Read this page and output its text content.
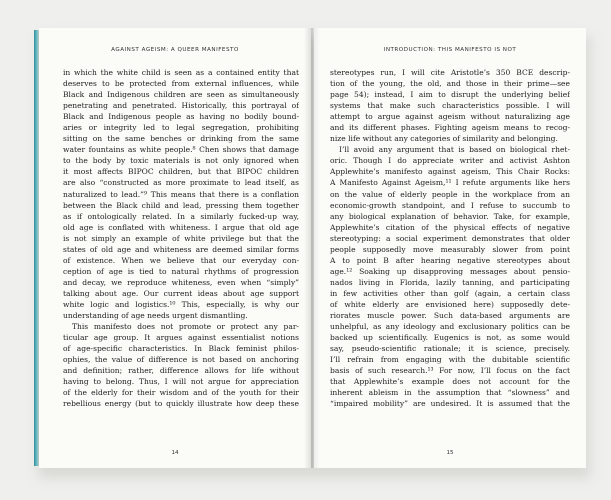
AGAINST AGEISM: A QUEER MANIFESTO
in which the white child is seen as a contained entity that
deserves to be protected from external influences, while
Black and Indigenous children are seen as simultaneously
penetrating and penetrated. Historically, this portrayal of
Black and Indigenous people as having no bodily bound-
aries or integrity led to legal segregation, prohibiting
sitting on the same benches or drinking from the same
water fountains as white people.⁸ Chen shows that damage
to the body by toxic materials is not only ignored when
it most affects BIPOC children, but that BIPOC children
are also “constructed as more proximate to lead itself, as
naturalized to lead.”⁹ This means that there is a conflation
between the Black child and lead, pressing them together
as if ontologically related. In a similarly fucked-up way,
old age is conflated with whiteness. I argue that old age
is not simply an example of white privilege but that the
states of old age and whiteness are deemed similar forms
of existence. When we believe that our everyday con-
ception of age is tied to natural rhythms of progression
and decay, we reproduce whiteness, even when “simply”
talking about age. Our current ideas about age support
white logic and logistics.¹⁰ This, especially, is why our
understanding of age needs urgent dismantling.
This manifesto does not promote or protect any par-
ticular age group. It argues against essentialist notions
of age-specific characteristics. In Black feminist philos-
ophies, the value of difference is not based on anchoring
and definition; rather, difference allows for life without
having to belong. Thus, I will not argue for appreciation
of the elderly for their wisdom and of the youth for their
rebellious energy (but to quickly illustrate how deep these
14
INTRODUCTION: THIS MANIFESTO IS NOT
stereotypes run, I will cite Aristotle’s 350 BCE descrip-
tion of the young, the old, and those in their prime—see
page 54); instead, I aim to disrupt the underlying belief
systems that make such characteristics possible. I will
attempt to argue against ageism without naturalizing age
and its different phases. Fighting ageism means to recog-
nize life without any categories of similarity and belonging.
I’ll avoid any argument that is based on biological rhet-
oric. Though I do appreciate writer and activist Ashton
Applewhite’s manifesto against ageism, This Chair Rocks:
A Manifesto Against Ageism,¹¹ I refute arguments like hers
on the value of elderly people in the workplace from an
economic-growth standpoint, and I refuse to succumb to
any biological explanation of behavior. Take, for example,
Applewhite’s citation of the physical effects of negative
stereotyping: a social experiment demonstrates that older
people supposedly move measurably slower from point
A to point B after hearing negative stereotypes about
age.¹² Soaking up disapproving messages about pensio-
nados living in Florida, lazily tanning, and participating
in few activities other than golf (again, a certain class
of white elderly are envisioned here) supposedly dete-
riorates muscle power. Such data-based arguments are
unhelpful, as any ideology and exclusionary politics can be
backed up scientifically. Eugenics is not, as some would
say, pseudo-scientific rationale; it is science, precisely.
I’ll refrain from engaging with the dubitable scientific
basis of such research.¹³ For now, I’ll focus on the fact
that Applewhite’s example does not account for the
inherent ableism in the assumption that “slowness” and
“impaired mobility” are undesired. It is assumed that the
15
